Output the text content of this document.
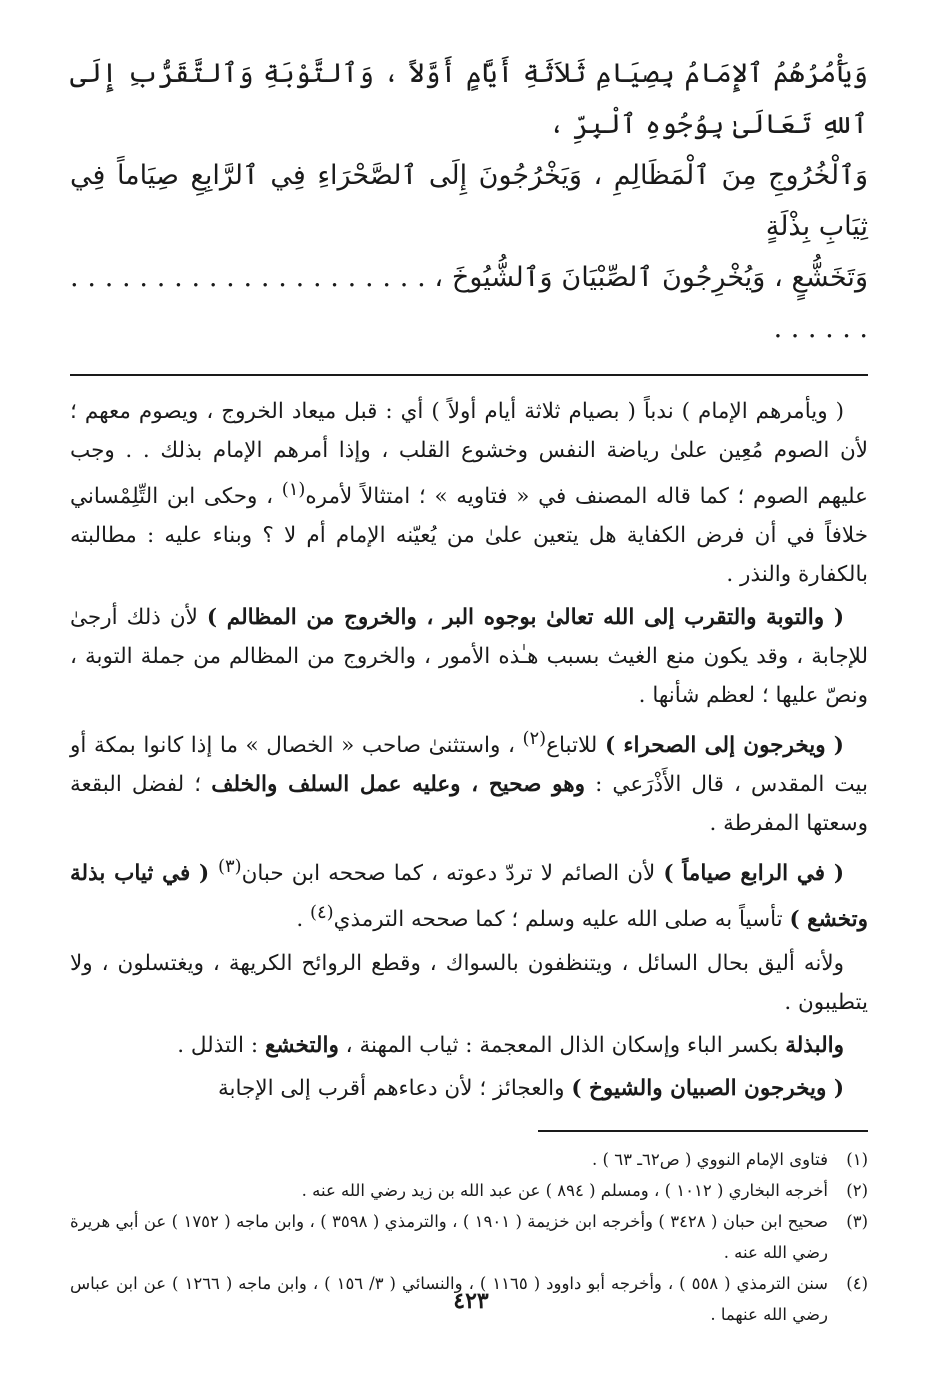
وَيَأْمُرُهُمُ ٱلإِمَامُ بِصِيَامِ ثَلاَثَةِ أَيَّامٍ أَوَّلاً ، وَٱلتَّوْبَةِ وَٱلتَّقَرُّبِ إِلَى ٱللهِ تَعَالَىٰ بِوُجُوهِ ٱلْبِرِّ ،

وَٱلْخُرُوجِ مِنَ ٱلْمَظَالِمِ ، وَيَخْرُجُونَ إِلَى ٱلصَّحْرَاءِ فِي ٱلرَّابِعِ صِيَاماً فِي ثِيَابِ بِذْلَةٍ

وَتَخَشُّعٍ ، وَيُخْرِجُونَ ٱلصِّبْيَانَ وَٱلشُّيُوخَ ، . . . . . . . . . . . . . . . . . . . . . . . . . . .

( ويأمرهم الإمام ) ندباً ( بصيام ثلاثة أيام أولاً ) أي : قبل ميعاد الخروج ، ويصوم معهم ؛ لأن الصوم مُعِين علىٰ رياضة النفس وخشوع القلب ، وإذا أمرهم الإمام بذلك . . وجب عليهم الصوم ؛ كما قاله المصنف في « فتاويه » ؛ امتثالاً لأمره$^{(١)}$ ، وحكى ابن التِّلِمْساني خلافاً في أن فرض الكفاية هل يتعين علىٰ من يُعيّنه الإمام أم لا ؟ وبناء عليه : مطالبته بالكفارة والنذر .

( والتوبة والتقرب إلى الله تعالىٰ بوجوه البر ، والخروج من المظالم ) لأن ذلك أرجىٰ للإجابة ، وقد يكون منع الغيث بسبب هـٰذه الأمور ، والخروج من المظالم من جملة التوبة ، ونصّ عليها ؛ لعظم شأنها .

( ويخرجون إلى الصحراء ) للاتباع$^{(٢)}$ ، واستثنىٰ صاحب « الخصال » ما إذا كانوا بمكة أو بيت المقدس ، قال الأَذْرَعي : وهو صحيح ، وعليه عمل السلف والخلف ؛ لفضل البقعة وسعتها المفرطة .

( في الرابع صياماً ) لأن الصائم لا تردّ دعوته ، كما صححه ابن حبان$^{(٣)}$ ( في ثياب بذلة وتخشع ) تأسياً به صلى الله عليه وسلم ؛ كما صححه الترمذي$^{(٤)}$ .

ولأنه أليق بحال السائل ، ويتنظفون بالسواك ، وقطع الروائح الكريهة ، ويغتسلون ، ولا يتطيبون .

والبذلة بكسر الباء وإسكان الذال المعجمة : ثياب المهنة ، والتخشع : التذلل .

( ويخرجون الصبيان والشيوخ ) والعجائز ؛ لأن دعاءهم أقرب إلى الإجابة

(١)
فتاوى الإمام النووي ( ص٦٢ـ ٦٣ ) .
(٢)
أخرجه البخاري ( ١٠١٢ ) ، ومسلم ( ٨٩٤ ) عن عبد الله بن زيد رضي الله عنه .
(٣)
صحيح ابن حبان ( ٣٤٢٨ ) وأخرجه ابن خزيمة ( ١٩٠١ ) ، والترمذي ( ٣٥٩٨ ) ، وابن ماجه ( ١٧٥٢ ) عن أبي هريرة رضي الله عنه .
(٤)
سنن الترمذي ( ٥٥٨ ) ، وأخرجه أبو داوود ( ١١٦٥ ) ، والنسائي ( ٣/ ١٥٦ ) ، وابن ماجه ( ١٢٦٦ ) عن ابن عباس رضي الله عنهما .
٤٢٣
